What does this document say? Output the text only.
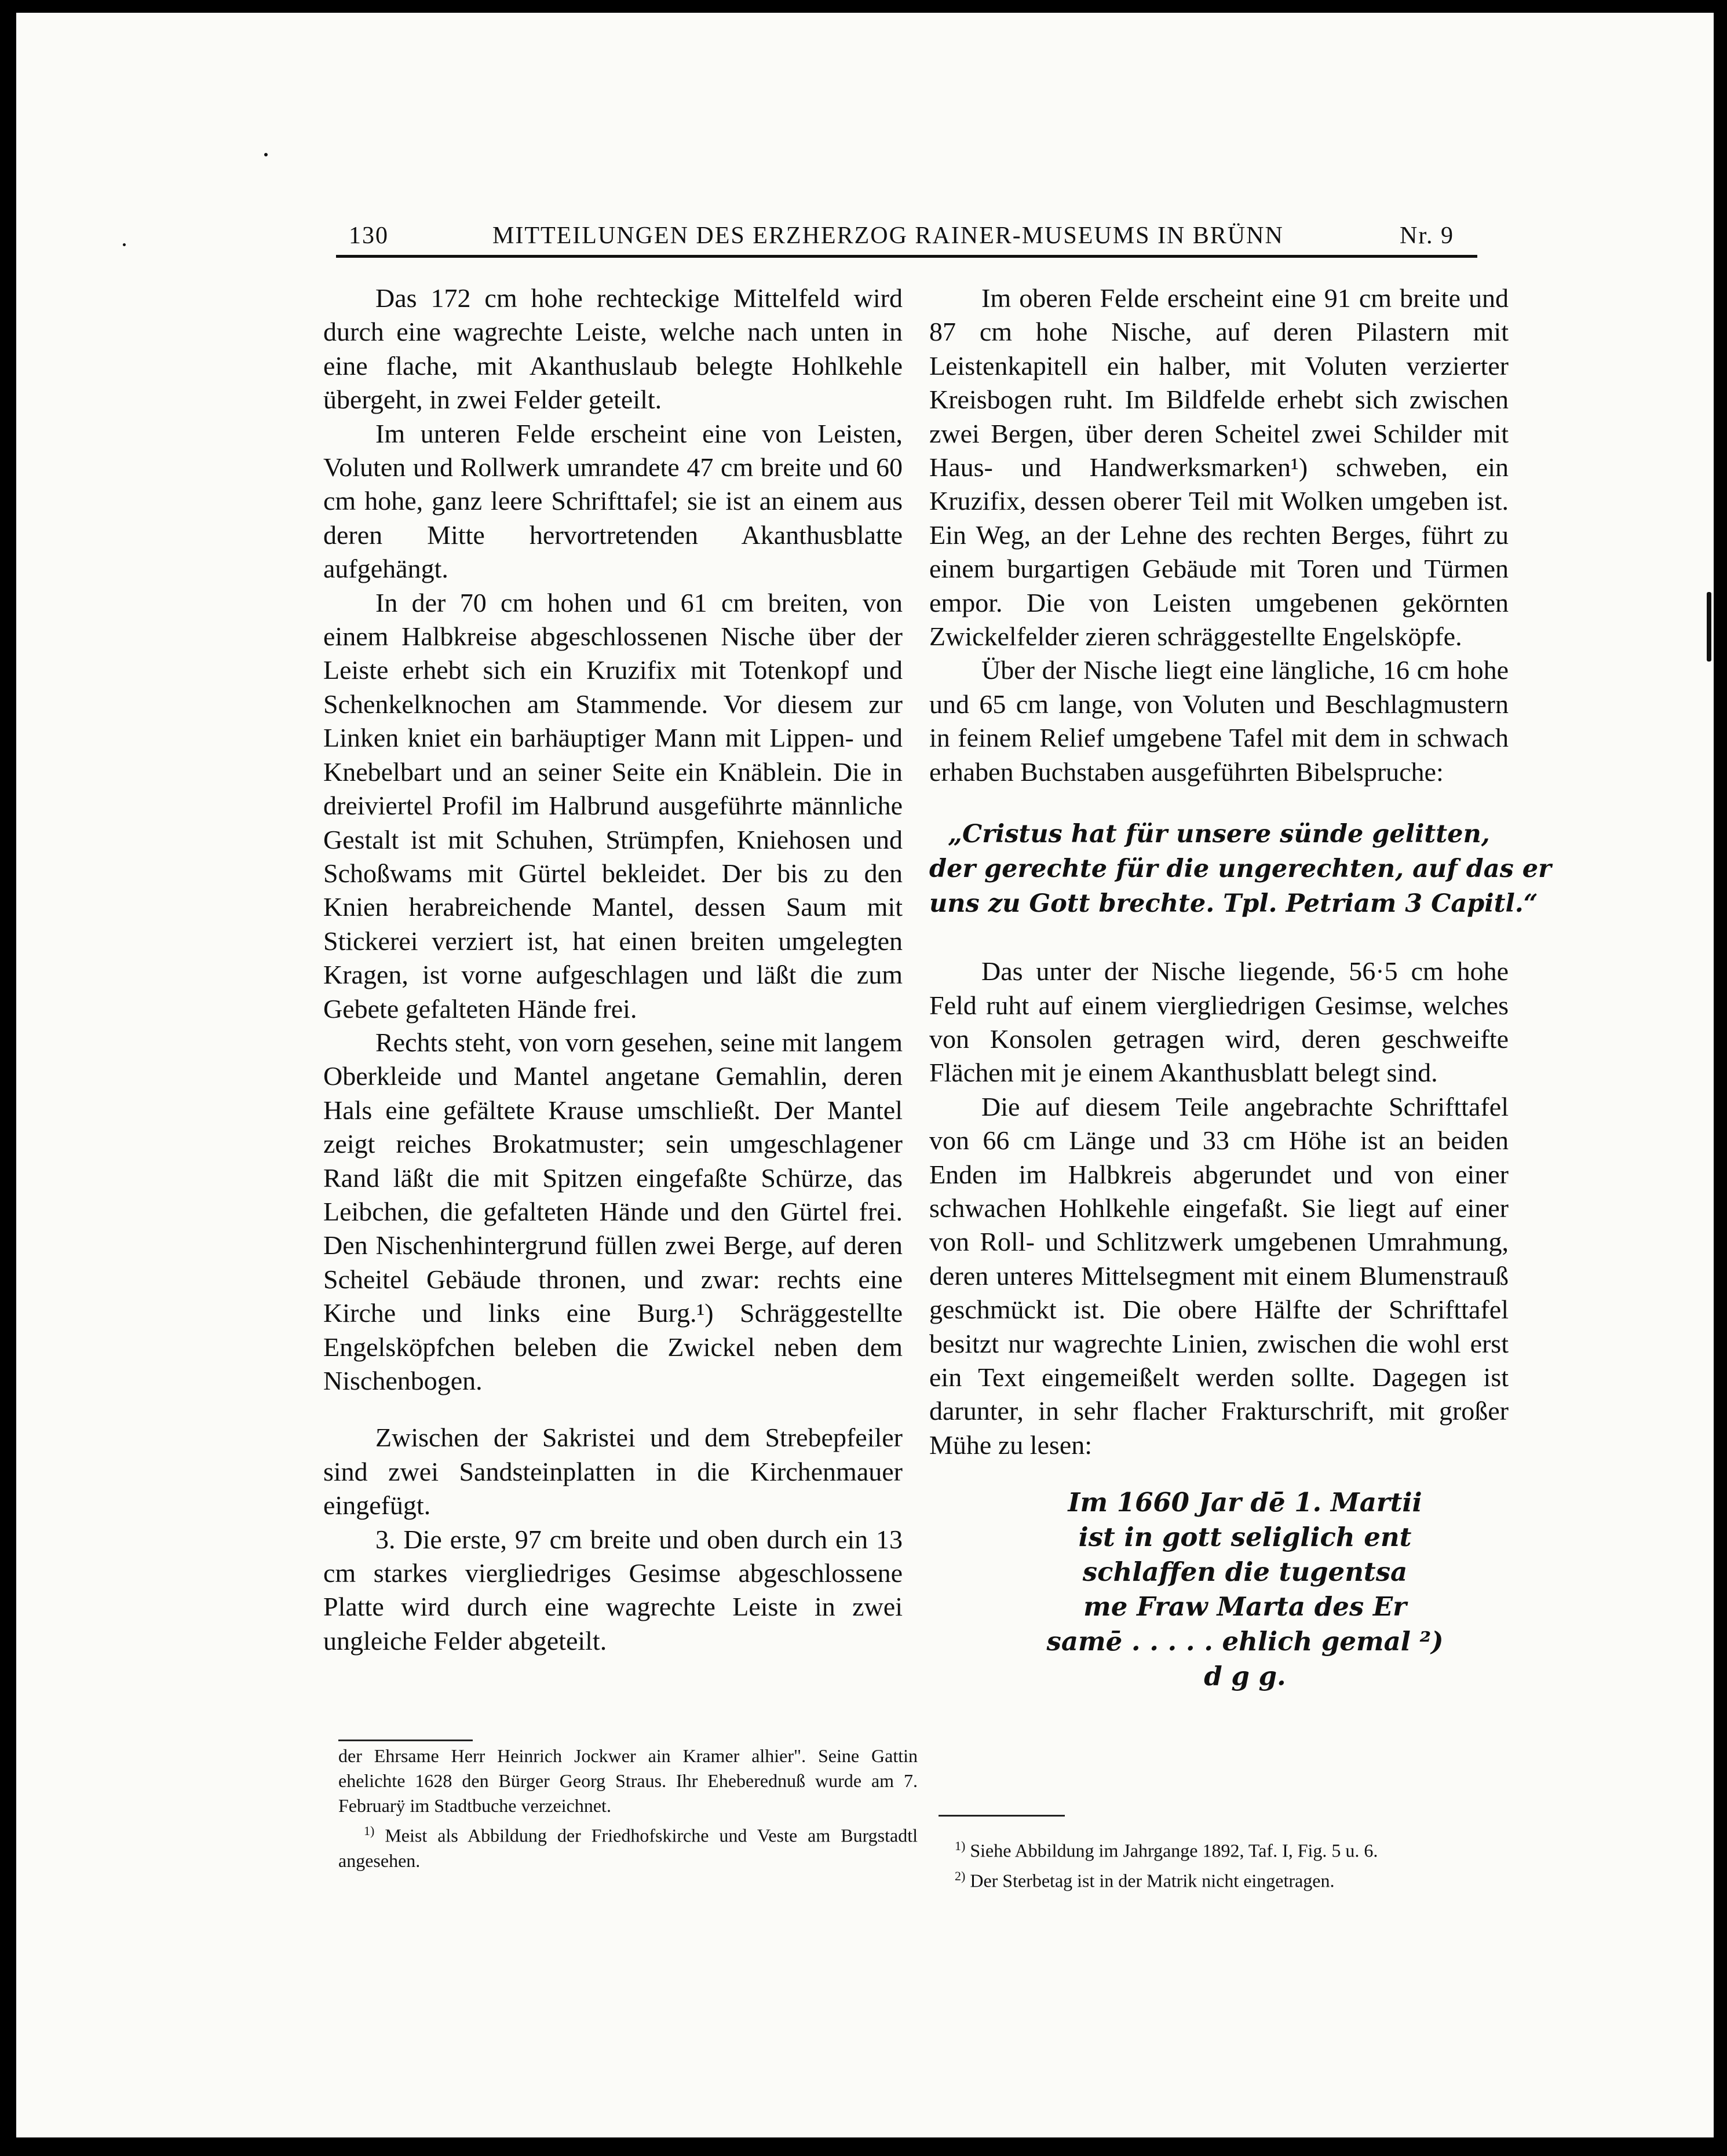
130	MITTEILUNGEN DES ERZHERZOG RAINER-MUSEUMS IN BRÜNN	Nr. 9

Das 172 cm hohe rechteckige Mittelfeld wird durch eine wagrechte Leiste, welche nach unten in eine flache, mit Akanthuslaub belegte Hohlkehle übergeht, in zwei Felder geteilt.

Im unteren Felde erscheint eine von Leisten, Voluten und Rollwerk umrandete 47 cm breite und 60 cm hohe, ganz leere Schrifttafel; sie ist an einem aus deren Mitte hervortretenden Akanthusblatte aufgehängt.

In der 70 cm hohen und 61 cm breiten, von einem Halbkreise abgeschlossenen Nische über der Leiste erhebt sich ein Kruzifix mit Totenkopf und Schenkelknochen am Stammende. Vor diesem zur Linken kniet ein barhäuptiger Mann mit Lippen- und Knebelbart und an seiner Seite ein Knäblein. Die in dreiviertel Profil im Halbrund ausgeführte männliche Gestalt ist mit Schuhen, Strümpfen, Kniehosen und Schoßwams mit Gürtel bekleidet. Der bis zu den Knien herabreichende Mantel, dessen Saum mit Stickerei verziert ist, hat einen breiten umgelegten Kragen, ist vorne aufgeschlagen und läßt die zum Gebete gefalteten Hände frei.

Rechts steht, von vorn gesehen, seine mit langem Oberkleide und Mantel angetane Gemahlin, deren Hals eine gefältete Krause umschließt. Der Mantel zeigt reiches Brokatmuster; sein umgeschlagener Rand läßt die mit Spitzen eingefaßte Schürze, das Leibchen, die gefalteten Hände und den Gürtel frei. Den Nischenhintergrund füllen zwei Berge, auf deren Scheitel Gebäude thronen, und zwar: rechts eine Kirche und links eine Burg.¹) Schräggestellte Engelsköpfchen beleben die Zwickel neben dem Nischenbogen.

Zwischen der Sakristei und dem Strebepfeiler sind zwei Sandsteinplatten in die Kirchenmauer eingefügt.

3. Die erste, 97 cm breite und oben durch ein 13 cm starkes viergliedriges Gesimse abgeschlossene Platte wird durch eine wagrechte Leiste in zwei ungleiche Felder abgeteilt.

der Ehrsame Herr Heinrich Jockwer ain Kramer alhier". Seine Gattin ehelichte 1628 den Bürger Georg Straus. Ihr Eheberednuß wurde am 7. Februarÿ im Stadtbuche verzeichnet.

$^{1)}$ Meist als Abbildung der Friedhofskirche und Veste am Burgstadtl angesehen.

Im oberen Felde erscheint eine 91 cm breite und 87 cm hohe Nische, auf deren Pilastern mit Leistenkapitell ein halber, mit Voluten verzierter Kreisbogen ruht. Im Bildfelde erhebt sich zwischen zwei Bergen, über deren Scheitel zwei Schilder mit Haus- und Handwerksmarken¹) schweben, ein Kruzifix, dessen oberer Teil mit Wolken umgeben ist. Ein Weg, an der Lehne des rechten Berges, führt zu einem burgartigen Gebäude mit Toren und Türmen empor. Die von Leisten umgebenen gekörnten Zwickelfelder zieren schräggestellte Engelsköpfe.

Über der Nische liegt eine längliche, 16 cm hohe und 65 cm lange, von Voluten und Beschlagmustern in feinem Relief umgebene Tafel mit dem in schwach erhaben Buchstaben ausgeführten Bibelspruche:

„Cristus hat für unsere sünde gelitten,
der gerechte für die ungerechten, auf das er
uns zu Gott brechte. Tpl. Petriam 3 Capitl.“

Das unter der Nische liegende, 56·5 cm hohe Feld ruht auf einem viergliedrigen Gesimse, welches von Konsolen getragen wird, deren geschweifte Flächen mit je einem Akanthusblatt belegt sind.

Die auf diesem Teile angebrachte Schrifttafel von 66 cm Länge und 33 cm Höhe ist an beiden Enden im Halbkreis abgerundet und von einer schwachen Hohlkehle eingefaßt. Sie liegt auf einer von Roll- und Schlitzwerk umgebenen Umrahmung, deren unteres Mittelsegment mit einem Blumenstrauß geschmückt ist. Die obere Hälfte der Schrifttafel besitzt nur wagrechte Linien, zwischen die wohl erst ein Text eingemeißelt werden sollte. Dagegen ist darunter, in sehr flacher Frakturschrift, mit großer Mühe zu lesen:

Im 1660 Jar dē 1. Martii
ist in gott seliglich ent
schlaffen die tugentsa
me Fraw Marta des Er
samē . . . . . ehlich gemal ²)
d g g.

$^{1)}$ Siehe Abbildung im Jahrgange 1892, Taf. I, Fig. 5 u. 6.

$^{2)}$ Der Sterbetag ist in der Matrik nicht eingetragen.
